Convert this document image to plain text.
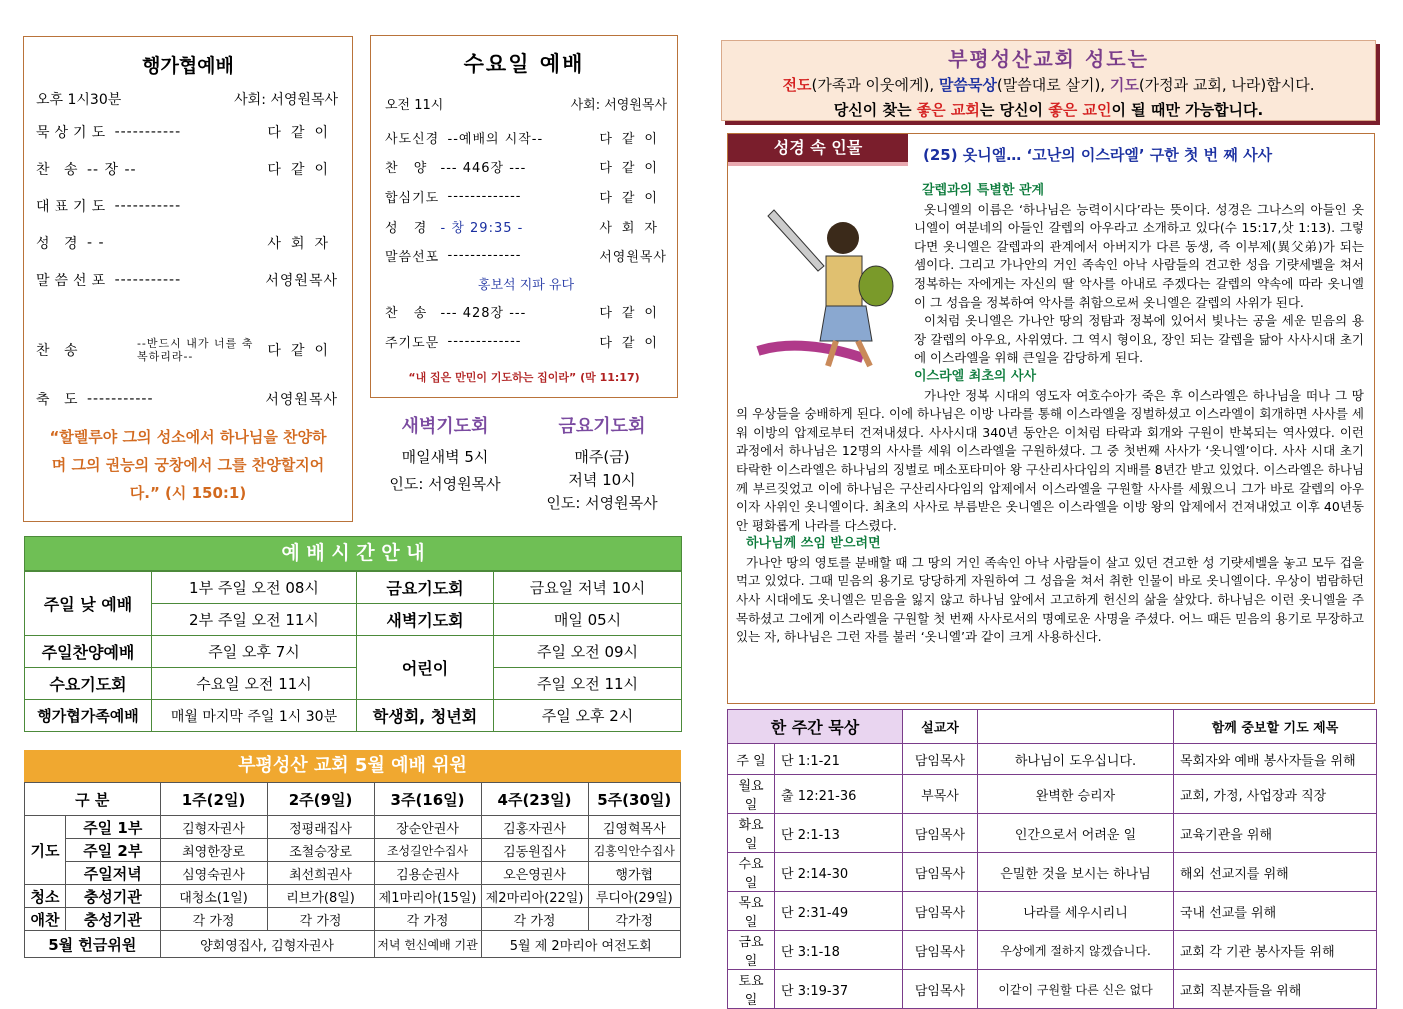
행가협예배
오후 1시30분	사회: 서영원목사
묵상기도
-----------	다같이
찬 송
-- 장 --	다같이
대표기도
-----------
성 경
- -	사회자
말씀선포
-----------	서영원목사
찬 송
	--반드시 내가 너를 축복하리라--	다같이
축 도
-----------	서영원목사
“할렐루야 그의 성소에서 하나님을 찬양하며 그의 권능의 궁창에서 그를 찬양할지어다.” (시 150:1)
수요일 예배
오전 11시	사회: 서영원목사
사도신경
--예배의 시작--	다같이
찬 양
--- 446장 ---	다같이
합심기도
-------------	다같이
성 경
- 창 29:35 -	사회자
말씀선포
-------------	서영원목사
홍보석 지파 유다
찬 송
--- 428장 ---	다같이
주기도문
-------------	다같이
“내 집은 만민이 기도하는 집이라” (막 11:17)
새벽기도회
매일새벽 5시
인도: 서영원목사
금요기도회
매주(금)
저녁 10시
인도: 서영원목사
예 배 시 간 안 내
주일 낮 예배	1부 주일 오전 08시	금요기도회	금요일 저녁 10시
	2부 주일 오전 11시	새벽기도회	매일 05시
주일찬양예배	주일 오후 7시	어린이	주일 오전 09시
수요기도회	수요일 오전 11시		주일 오전 11시
행가협가족예배	매월 마지막 주일 1시 30분	학생회, 청년회	주일 오후 2시
부평성산 교회 5월 예배 위원
구 분		1주(2일)	2주(9일)	3주(16일)	4주(23일)	5주(30일)
기도	주일 1부	김형자권사	정평래집사	장순안권사	김홍자권사	김영혁목사
	주일 2부	최영한장로	조철승장로	조성길안수집사	김동원집사	김홍익안수집사
	주일저녁	심영숙권사	최선희권사	김용순권사	오은영권사	행가협
청소	충성기관	대청소(1일)	리브가(8일)	제1마리아(15일)	제2마리아(22일)	루디아(29일)
애찬	충성기관	각 가정	각 가정	각 가정	각 가정	각가정
5월 헌금위원		양회영집사, 김형자권사		저녁 헌신예배 기관	5월 제 2마리아 여전도회	
부평성산교회 성도는
전도(가족과 이웃에게), 말씀묵상(말씀대로 살기), 기도(가정과 교회, 나라)합시다.
당신이 찾는 좋은 교회는 당신이 좋은 교인이 될 때만 가능합니다.
성경 속 인물	(25) 옷니엘… ‘고난의 이스라엘’ 구한 첫 번 째 사사
갈렙과의 특별한 관계

옷니엘의 이름은 ‘하나님은 능력이시다’라는 뜻이다. 성경은 그나스의 아들인 옷니엘이 여분네의 아들인 갈렙의 아우라고 소개하고 있다(수 15:17,삿 1:13). 그렇다면 옷니엘은 갈렙과의 관계에서 아버지가 다른 동생, 즉 이부제(異父弟)가 되는 셈이다. 그리고 가나안의 거인 족속인 아낙 사람들의 견고한 성읍 기럇세벨을 쳐서 정복하는 자에게는 자신의 딸 악사를 아내로 주겠다는 갈렙의 약속에 따라 옷니엘이 그 성읍을 정복하여 악사를 취함으로써 옷니엘은 갈렙의 사위가 된다.

이처럼 옷니엘은 가나안 땅의 정탐과 정복에 있어서 빛나는 공을 세운 믿음의 용장 갈렙의 아우요, 사위였다. 그 역시 형이요, 장인 되는 갈렙을 닮아 사사시대 초기에 이스라엘을 위해 큰일을 감당하게 된다.

이스라엘 최초의 사사

가나안 정복 시대의 영도자 여호수아가 죽은 후 이스라엘은 하나님을 떠나 그 땅의 우상들을 숭배하게 된다. 이에 하나님은 이방 나라를 통해 이스라엘을 징벌하셨고 이스라엘이 회개하면 사사를 세워 이방의 압제로부터 건져내셨다. 사사시대 340년 동안은 이처럼 타락과 회개와 구원이 반복되는 역사였다. 이런 과정에서 하나님은 12명의 사사를 세워 이스라엘을 구원하셨다. 그 중 첫번째 사사가 ‘옷니엘’이다. 사사 시대 초기 타락한 이스라엘은 하나님의 징벌로 메소포타미아 왕 구산리사다임의 지배를 8년간 받고 있었다. 이스라엘은 하나님께 부르짖었고 이에 하나님은 구산리사다임의 압제에서 이스라엘을 구원할 사사를 세웠으니 그가 바로 갈렙의 아우이자 사위인 옷니엘이다. 최초의 사사로 부름받은 옷니엘은 이스라엘을 이방 왕의 압제에서 건져내었고 이후 40년동안 평화롭게 나라를 다스렸다.

하나님께 쓰임 받으려면

가나안 땅의 영토를 분배할 때 그 땅의 거인 족속인 아낙 사람들이 살고 있던 견고한 성 기럇세벨을 놓고 모두 겁을 먹고 있었다. 그때 믿음의 용기로 당당하게 자원하여 그 성읍을 쳐서 취한 인물이 바로 옷니엘이다. 우상이 범람하던 사사 시대에도 옷니엘은 믿음을 잃지 않고 하나님 앞에서 고고하게 헌신의 삶을 살았다. 하나님은 이런 옷니엘을 주목하셨고 그에게 이스라엘을 구원할 첫 번째 사사로서의 명예로운 사명을 주셨다. 어느 때든 믿음의 용기로 무장하고 있는 자, 하나님은 그런 자를 불러 ‘옷니엘’과 같이 크게 사용하신다.

한 주간 묵상		설교자		함께 중보할 기도 제목
주 일	단 1:1-21	담임목사	하나님이 도우십니다.	목회자와 예배 봉사자들을 위해
월요일	출 12:21-36	부목사	완벽한 승리자	교회, 가정, 사업장과 직장
화요일	단 2:1-13	담임목사	인간으로서 어려운 일	교육기관을 위해
수요일	단 2:14-30	담임목사	은밀한 것을 보시는 하나님	해외 선교지를 위해
목요일	단 2:31-49	담임목사	나라를 세우시리니	국내 선교를 위해
금요일	단 3:1-18	담임목사	우상에게 절하지 않겠습니다.	교회 각 기관 봉사자들 위해
토요일	단 3:19-37	담임목사	이같이 구원할 다른 신은 없다	교회 직분자들을 위해
